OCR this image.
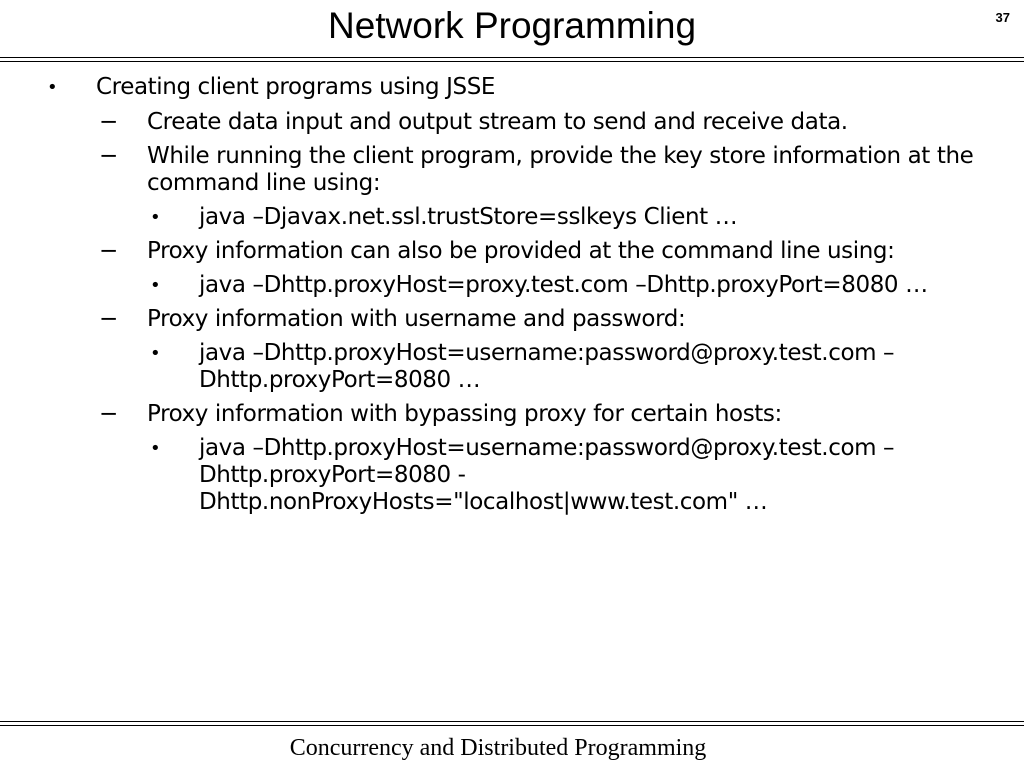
Network Programming	37
• Creating client programs using JSSE
− Create data input and output stream to send and receive data.
− While running the client program, provide the key store information at the command line using:
• java –Djavax.net.ssl.trustStore=sslkeys Client …
− Proxy information can also be provided at the command line using:
• java –Dhttp.proxyHost=proxy.test.com –Dhttp.proxyPort=8080 …
− Proxy information with username and password:
• java –Dhttp.proxyHost=username:password@proxy.test.com –Dhttp.proxyPort=8080 …
− Proxy information with bypassing proxy for certain hosts:
• java –Dhttp.proxyHost=username:password@proxy.test.com –Dhttp.proxyPort=8080 -Dhttp.nonProxyHosts="localhost|www.test.com" …
Concurrency and Distributed Programming
